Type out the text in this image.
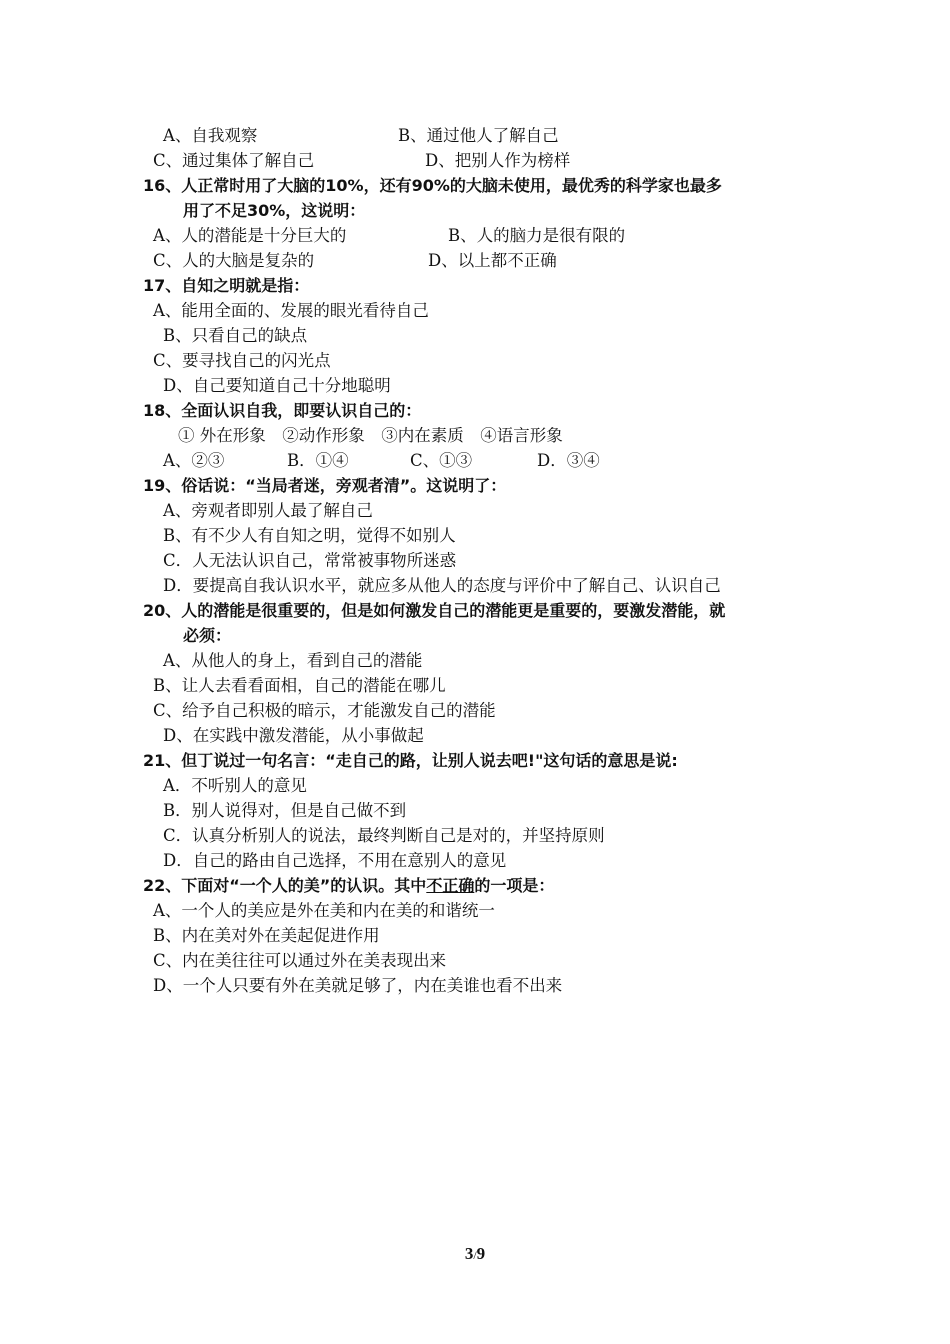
A、自我观察	B、通过他人了解自己
C、通过集体了解自己	D、把别人作为榜样
16、人正常时用了大脑的10%，还有90%的大脑未使用，最优秀的科学家也最多
用了不足30%，这说明：
A、人的潜能是十分巨大的	B、人的脑力是很有限的
C、人的大脑是复杂的	D、以上都不正确
17、自知之明就是指：
A、能用全面的、发展的眼光看待自己
B、只看自己的缺点
C、要寻找自己的闪光点
D、自己要知道自己十分地聪明
18、全面认识自我，即要认识自己的：
① 外在形象　②动作形象　③内在素质　④语言形象
A、②③	B．①④	C、①③	D．③④
19、俗话说：“当局者迷，旁观者清”。这说明了：
A、旁观者即别人最了解自己
B、有不少人有自知之明，觉得不如别人
C．人无法认识自己，常常被事物所迷惑
D．要提高自我认识水平，就应多从他人的态度与评价中了解自己、认识自己
20、人的潜能是很重要的，但是如何激发自己的潜能更是重要的，要激发潜能，就
必须：
A、从他人的身上，看到自己的潜能
B、让人去看看面相，自己的潜能在哪儿
C、给予自己积极的暗示，才能激发自己的潜能
D、在实践中激发潜能，从小事做起
21、但丁说过一句名言：“走自己的路，让别人说去吧!"这句话的意思是说:
A．不听别人的意见
B．别人说得对，但是自己做不到
C．认真分析别人的说法，最终判断自己是对的，并坚持原则
D．自己的路由自己选择，不用在意别人的意见
22、下面对“一个人的美”的认识。其中不正确的一项是：
A、一个人的美应是外在美和内在美的和谐统一
B、内在美对外在美起促进作用
C、内在美往往可以通过外在美表现出来
D、一个人只要有外在美就足够了，内在美谁也看不出来
3/9
